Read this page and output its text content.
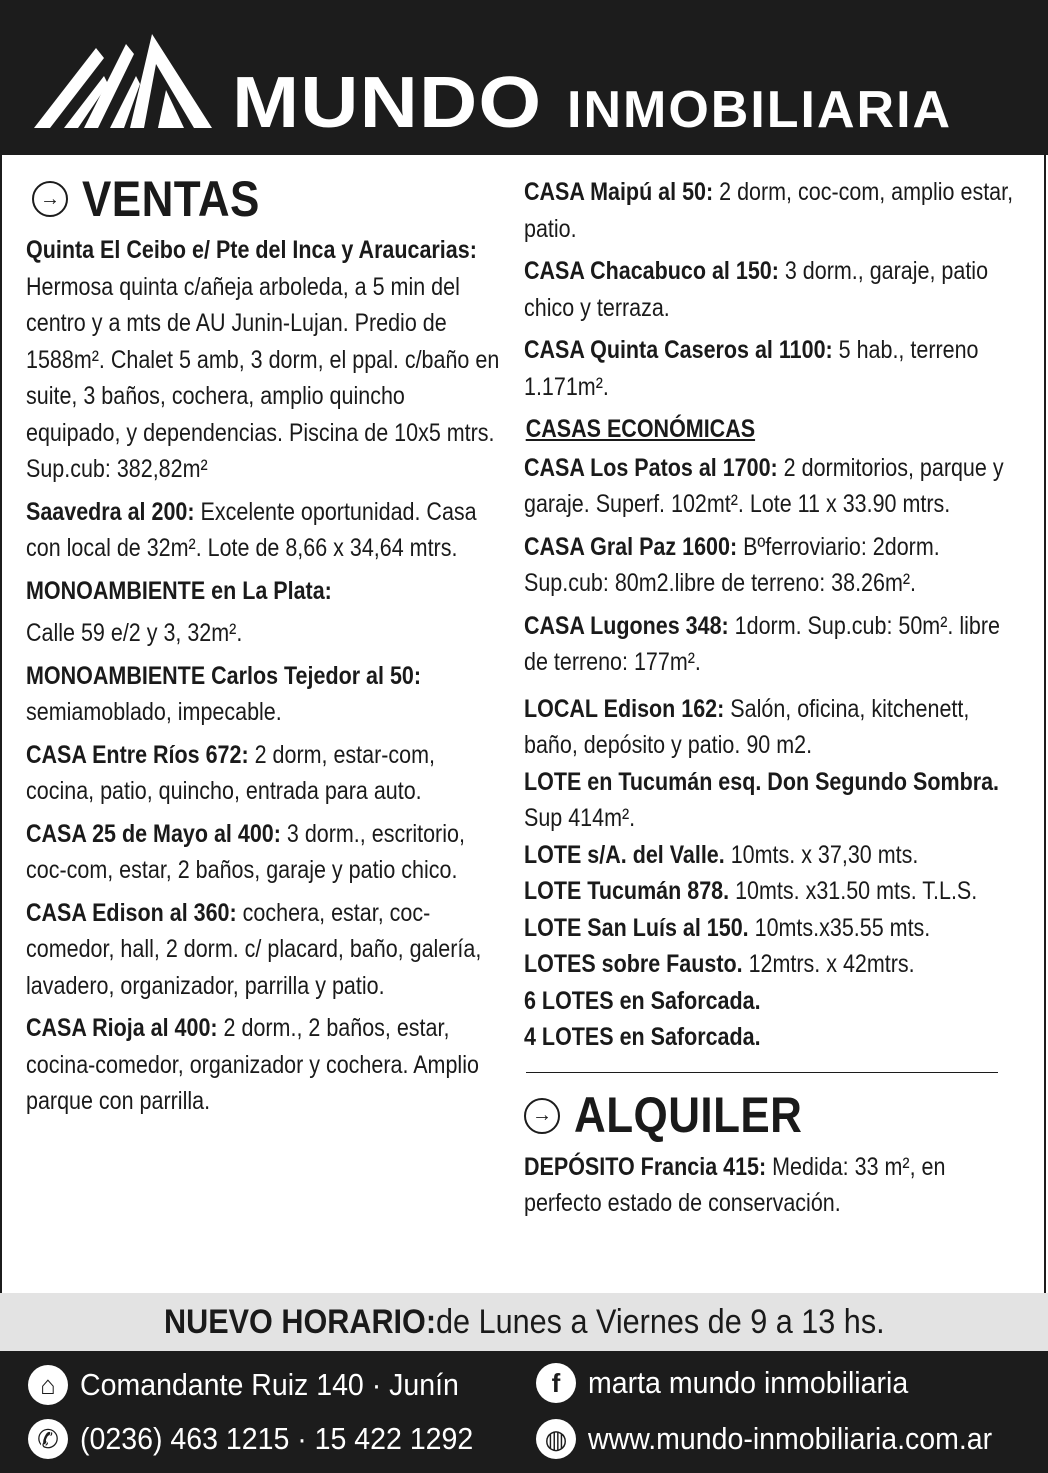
MUNDO INMOBILIARIA
→ VENTAS
Quinta El Ceibo e/ Pte del Inca y Araucarias: Hermosa quinta c/añeja arboleda, a 5 min del centro y a mts de AU Junin-Lujan. Predio de 1588m². Chalet 5 amb, 3 dorm, el ppal. c/baño en suite, 3 baños, cochera, amplio quincho equipado, y dependencias. Piscina de 10x5 mtrs. Sup.cub: 382,82m²
Saavedra al 200: Excelente oportunidad. Casa con local de 32m². Lote de 8,66 x 34,64 mtrs.
MONOAMBIENTE en La Plata:
Calle 59 e/2 y 3, 32m².
MONOAMBIENTE Carlos Tejedor al 50: semiamoblado, impecable.
CASA Entre Ríos 672: 2 dorm, estar-com, cocina, patio, quincho, entrada para auto.
CASA 25 de Mayo al 400: 3 dorm., escritorio, coc-com, estar, 2 baños, garaje y patio chico.
CASA Edison al 360: cochera, estar, coc-comedor, hall, 2 dorm. c/ placard, baño, galería, lavadero, organizador, parrilla y patio.
CASA Rioja al 400: 2 dorm., 2 baños, estar, cocina-comedor, organizador y cochera. Amplio parque con parrilla.
CASA Maipú al 50: 2 dorm, coc-com, amplio estar, patio.
CASA Chacabuco al 150: 3 dorm., garaje, patio chico y terraza.
CASA Quinta Caseros al 1100: 5 hab., terreno 1.171m².
CASAS ECONÓMICAS
CASA Los Patos al 1700: 2 dormitorios, parque y garaje. Superf. 102mt². Lote 11 x 33.90 mtrs.
CASA Gral Paz 1600: Bºferroviario: 2dorm. Sup.cub: 80m2.libre de terreno: 38.26m².
CASA Lugones 348: 1dorm. Sup.cub: 50m². libre de terreno: 177m².
LOCAL Edison 162: Salón, oficina, kitchenett, baño, depósito y patio. 90 m2.
LOTE en Tucumán esq. Don Segundo Sombra. Sup 414m².
LOTE s/A. del Valle. 10mts. x 37,30 mts.
LOTE Tucumán 878. 10mts. x31.50 mts. T.L.S.
LOTE San Luís al 150. 10mts.x35.55 mts.
LOTES sobre Fausto. 12mtrs. x 42mtrs.
6 LOTES en Saforcada.
4 LOTES en Saforcada.
→ ALQUILER
DEPÓSITO Francia 415: Medida: 33 m², en perfecto estado de conservación.
NUEVO HORARIO:de Lunes a Viernes de 9 a 13 hs.
⌂ Comandante Ruiz 140 · Junín
✆ (0236) 463 1215 · 15 422 1292
f marta mundo inmobiliaria
◍ www.mundo-inmobiliaria.com.ar
